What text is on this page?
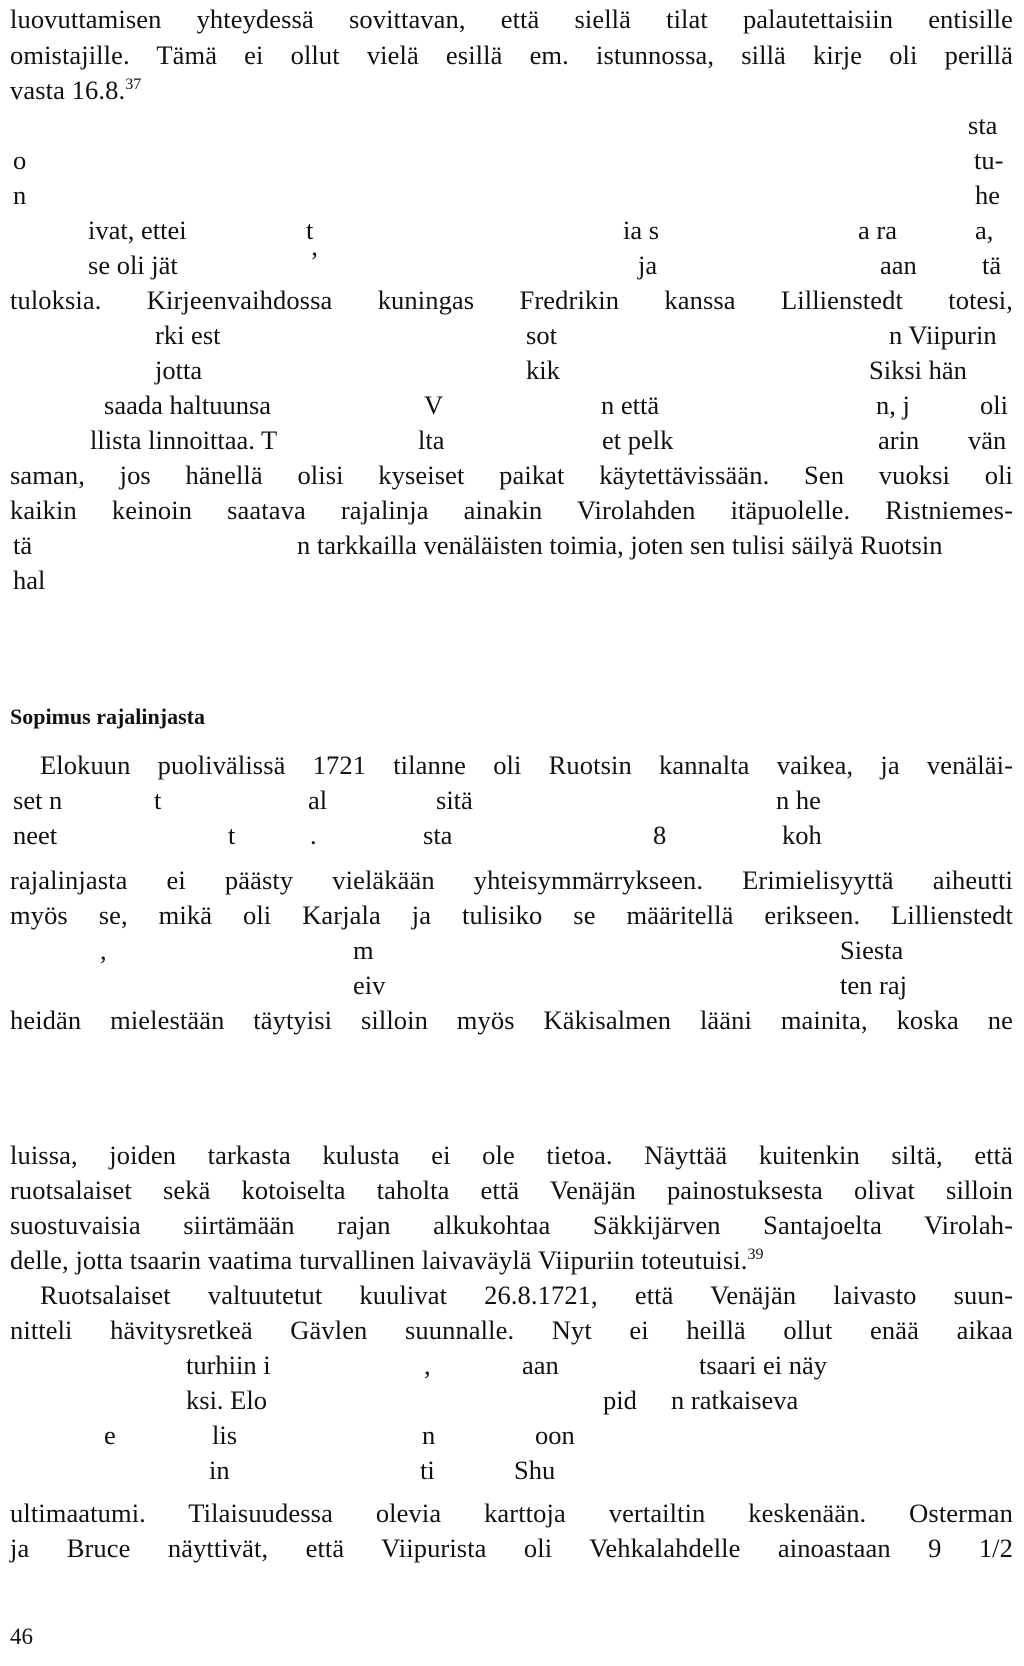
luovuttamisen yhteydessä sovittavan, että siellä tilat palautettaisiin entisille
omistajille. Tämä ei ollut vielä esillä em. istunnossa, sillä kirje oli perillä
vasta 16.8.37
sta
o	tu-
n	he
ivat, ettei	t	ia s	a ra	a,
se oli jät	’	ja	aan tä
tuloksia. Kirjeenvaihdossa kuningas Fredrikin kanssa Lillienstedt totesi,
rki est	sot	n Viipurin
jotta	kik	Siksi hän
saada haltuunsa	V	n että	n, j	oli
llista linnoittaa. T	lta	et pelk	arin vän
saman, jos hänellä olisi kyseiset paikat käytettävissään. Sen vuoksi oli
kaikin keinoin saatava rajalinja ainakin Virolahden itäpuolelle. Ristniemes-
tä	n tarkkailla venäläisten toimia, joten sen tulisi säilyä Ruotsin
hal
Sopimus rajalinjasta
Elokuun puolivälissä 1721 tilanne oli Ruotsin kannalta vaikea, ja venäläi-
set n	t	al	sitä	n he
neet	t	.	sta	8	koh
rajalinjasta ei päästy vieläkään yhteisymmärrykseen. Erimielisyyttä aiheutti
myös se, mikä oli Karjala ja tulisiko se määritellä erikseen. Lillienstedt
,	m	Siesta
eiv	ten raj
heidän mielestään täytyisi silloin myös Käkisalmen lääni mainita, koska ne
luissa, joiden tarkasta kulusta ei ole tietoa. Näyttää kuitenkin siltä, että
ruotsalaiset sekä kotoiselta taholta että Venäjän painostuksesta olivat silloin
suostuvaisia siirtämään rajan alkukohtaa Säkkijärven Santajoelta Virolah-
delle, jotta tsaarin vaatima turvallinen laivaväylä Viipuriin toteutuisi.$^{39}$
Ruotsalaiset valtuutetut kuulivat 26.8.1721, että Venäjän laivasto suun-
nitteli hävitysretkeä Gävlen suunnalle. Nyt ei heillä ollut enää aikaa
turhiin i	,	aan	tsaari ei näy
ksi. Elo	pid n ratkaiseva
e	lis	n	oon
in	ti	Shu
ultimaatumi. Tilaisuudessa olevia karttoja vertailtin keskenään. Osterman
ja Bruce näyttivät, että Viipurista oli Vehkalahdelle ainoastaan 9 1/2
46
